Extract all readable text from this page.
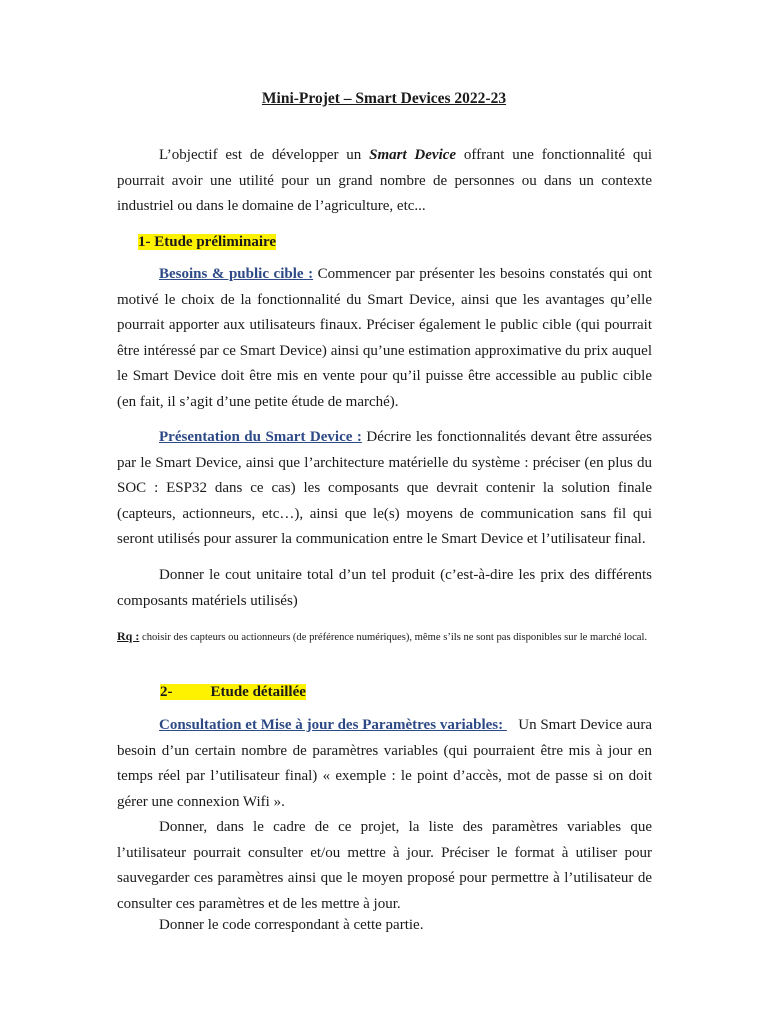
Mini-Projet – Smart Devices 2022-23

L’objectif est de développer un Smart Device offrant une fonctionnalité qui pourrait avoir une utilité pour un grand nombre de personnes ou dans un contexte industriel ou dans le domaine de l’agriculture, etc...

1- Etude préliminaire

Besoins & public cible : Commencer par présenter les besoins constatés qui ont motivé le choix de la fonctionnalité du Smart Device, ainsi que les avantages qu’elle pourrait apporter aux utilisateurs finaux. Préciser également le public cible (qui pourrait être intéressé par ce Smart Device) ainsi qu’une estimation approximative du prix auquel le Smart Device doit être mis en vente pour qu’il puisse être accessible au public cible (en fait, il s’agit d’une petite étude de marché).

Présentation du Smart Device : Décrire les fonctionnalités devant être assurées par le Smart Device, ainsi que l’architecture matérielle du système : préciser (en plus du SOC : ESP32 dans ce cas) les composants que devrait contenir la solution finale (capteurs, actionneurs, etc…), ainsi que le(s) moyens de communication sans fil qui seront utilisés pour assurer la communication entre le Smart Device et l’utilisateur final.

Donner le cout unitaire total d’un tel produit (c’est-à-dire les prix des différents composants matériels utilisés)

Rq : choisir des capteurs ou actionneurs (de préférence numériques), même s’ils ne sont pas disponibles sur le marché local.

2-	Etude détaillée

Consultation et Mise à jour des Paramètres variables:    Un Smart Device aura besoin d’un certain nombre de paramètres variables (qui pourraient être mis à jour en temps réel par l’utilisateur final) « exemple : le point d’accès, mot de passe si on doit gérer une connexion Wifi ».

Donner, dans le cadre de ce projet, la liste des paramètres variables que l’utilisateur pourrait consulter et/ou mettre à jour. Préciser le format à utiliser pour sauvegarder ces paramètres ainsi que le moyen proposé pour permettre à l’utilisateur de consulter ces paramètres et de les mettre à jour.

Donner le code correspondant à cette partie.
